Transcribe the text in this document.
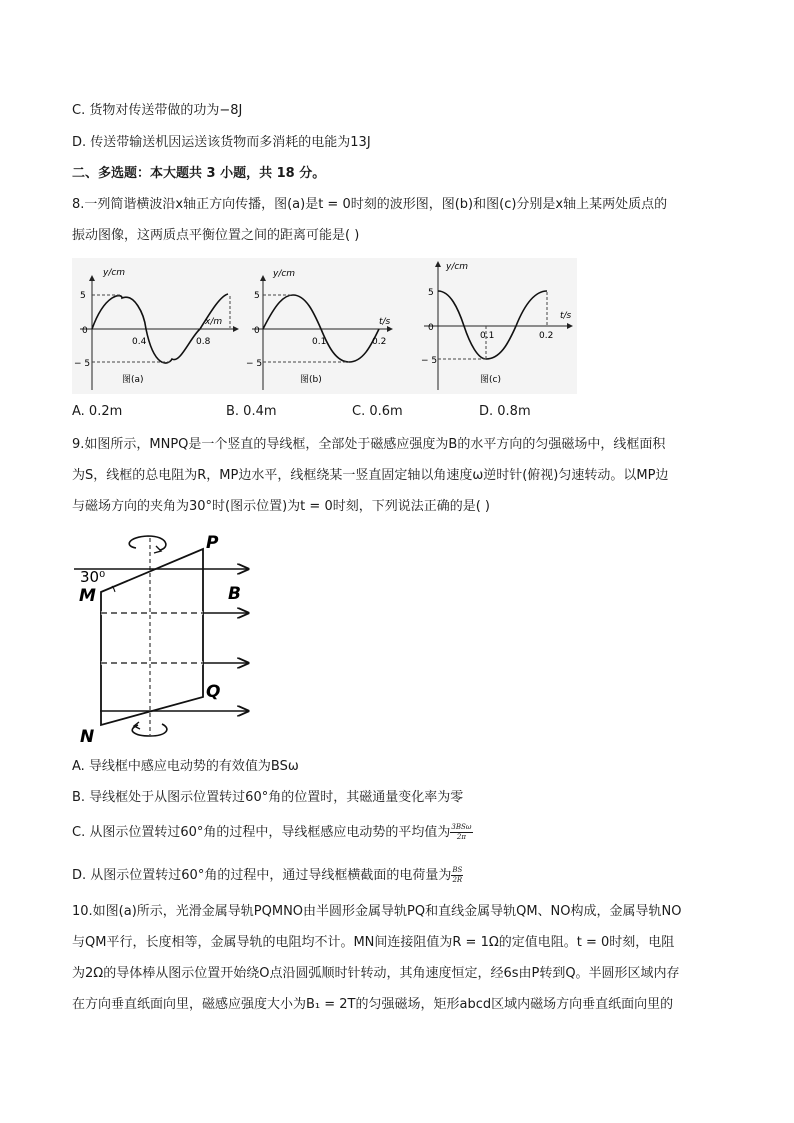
C. 货物对传送带做的功为−8J
D. 传送带输送机因运送该货物而多消耗的电能为13J
二、多选题：本大题共 3 小题，共 18 分。
8.一列简谐横波沿x轴正方向传播，图(a)是t = 0时刻的波形图，图(b)和图(c)分别是x轴上某两处质点的
振动图像，这两质点平衡位置之间的距离可能是( )
y/cm
5
0
− 5
0.4	0.8
x/m
图(a)
y/cm
5
0
− 5
0.1	0.2
t/s
图(b)
y/cm
5
0
− 5
0.1	0.2
t/s
图(c)
A. 0.2m	B. 0.4m	C. 0.6m	D. 0.8m
9.如图所示，MNPQ是一个竖直的导线框，全部处于磁感应强度为B的水平方向的匀强磁场中，线框面积
为S，线框的总电阻为R，MP边水平，线框绕某一竖直固定轴以角速度ω逆时针(俯视)匀速转动。以MP边
与磁场方向的夹角为30°时(图示位置)为t = 0时刻，下列说法正确的是( )
30⁰
P
M	B
Q
N
A. 导线框中感应电动势的有效值为BSω
B. 导线框处于从图示位置转过60°角的位置时，其磁通量变化率为零
C. 从图示位置转过60°角的过程中，导线框感应电动势的平均值为 $\frac{\text{3BSω}}{2\pi}$
D. 从图示位置转过60°角的过程中，通过导线框横截面的电荷量为 $\frac{BS}{2R}$
10.如图(a)所示，光滑金属导轨PQMNO由半圆形金属导轨PQ和直线金属导轨QM、NO构成，金属导轨NO
与QM平行，长度相等，金属导轨的电阻均不计。MN间连接阻值为R = 1Ω的定值电阻。t = 0时刻，电阻
为2Ω的导体棒从图示位置开始绕O点沿圆弧顺时针转动，其角速度恒定，经6s由P转到Q。半圆形区域内存
在方向垂直纸面向里，磁感应强度大小为B₁ = 2T的匀强磁场，矩形abcd区域内磁场方向垂直纸面向里的
